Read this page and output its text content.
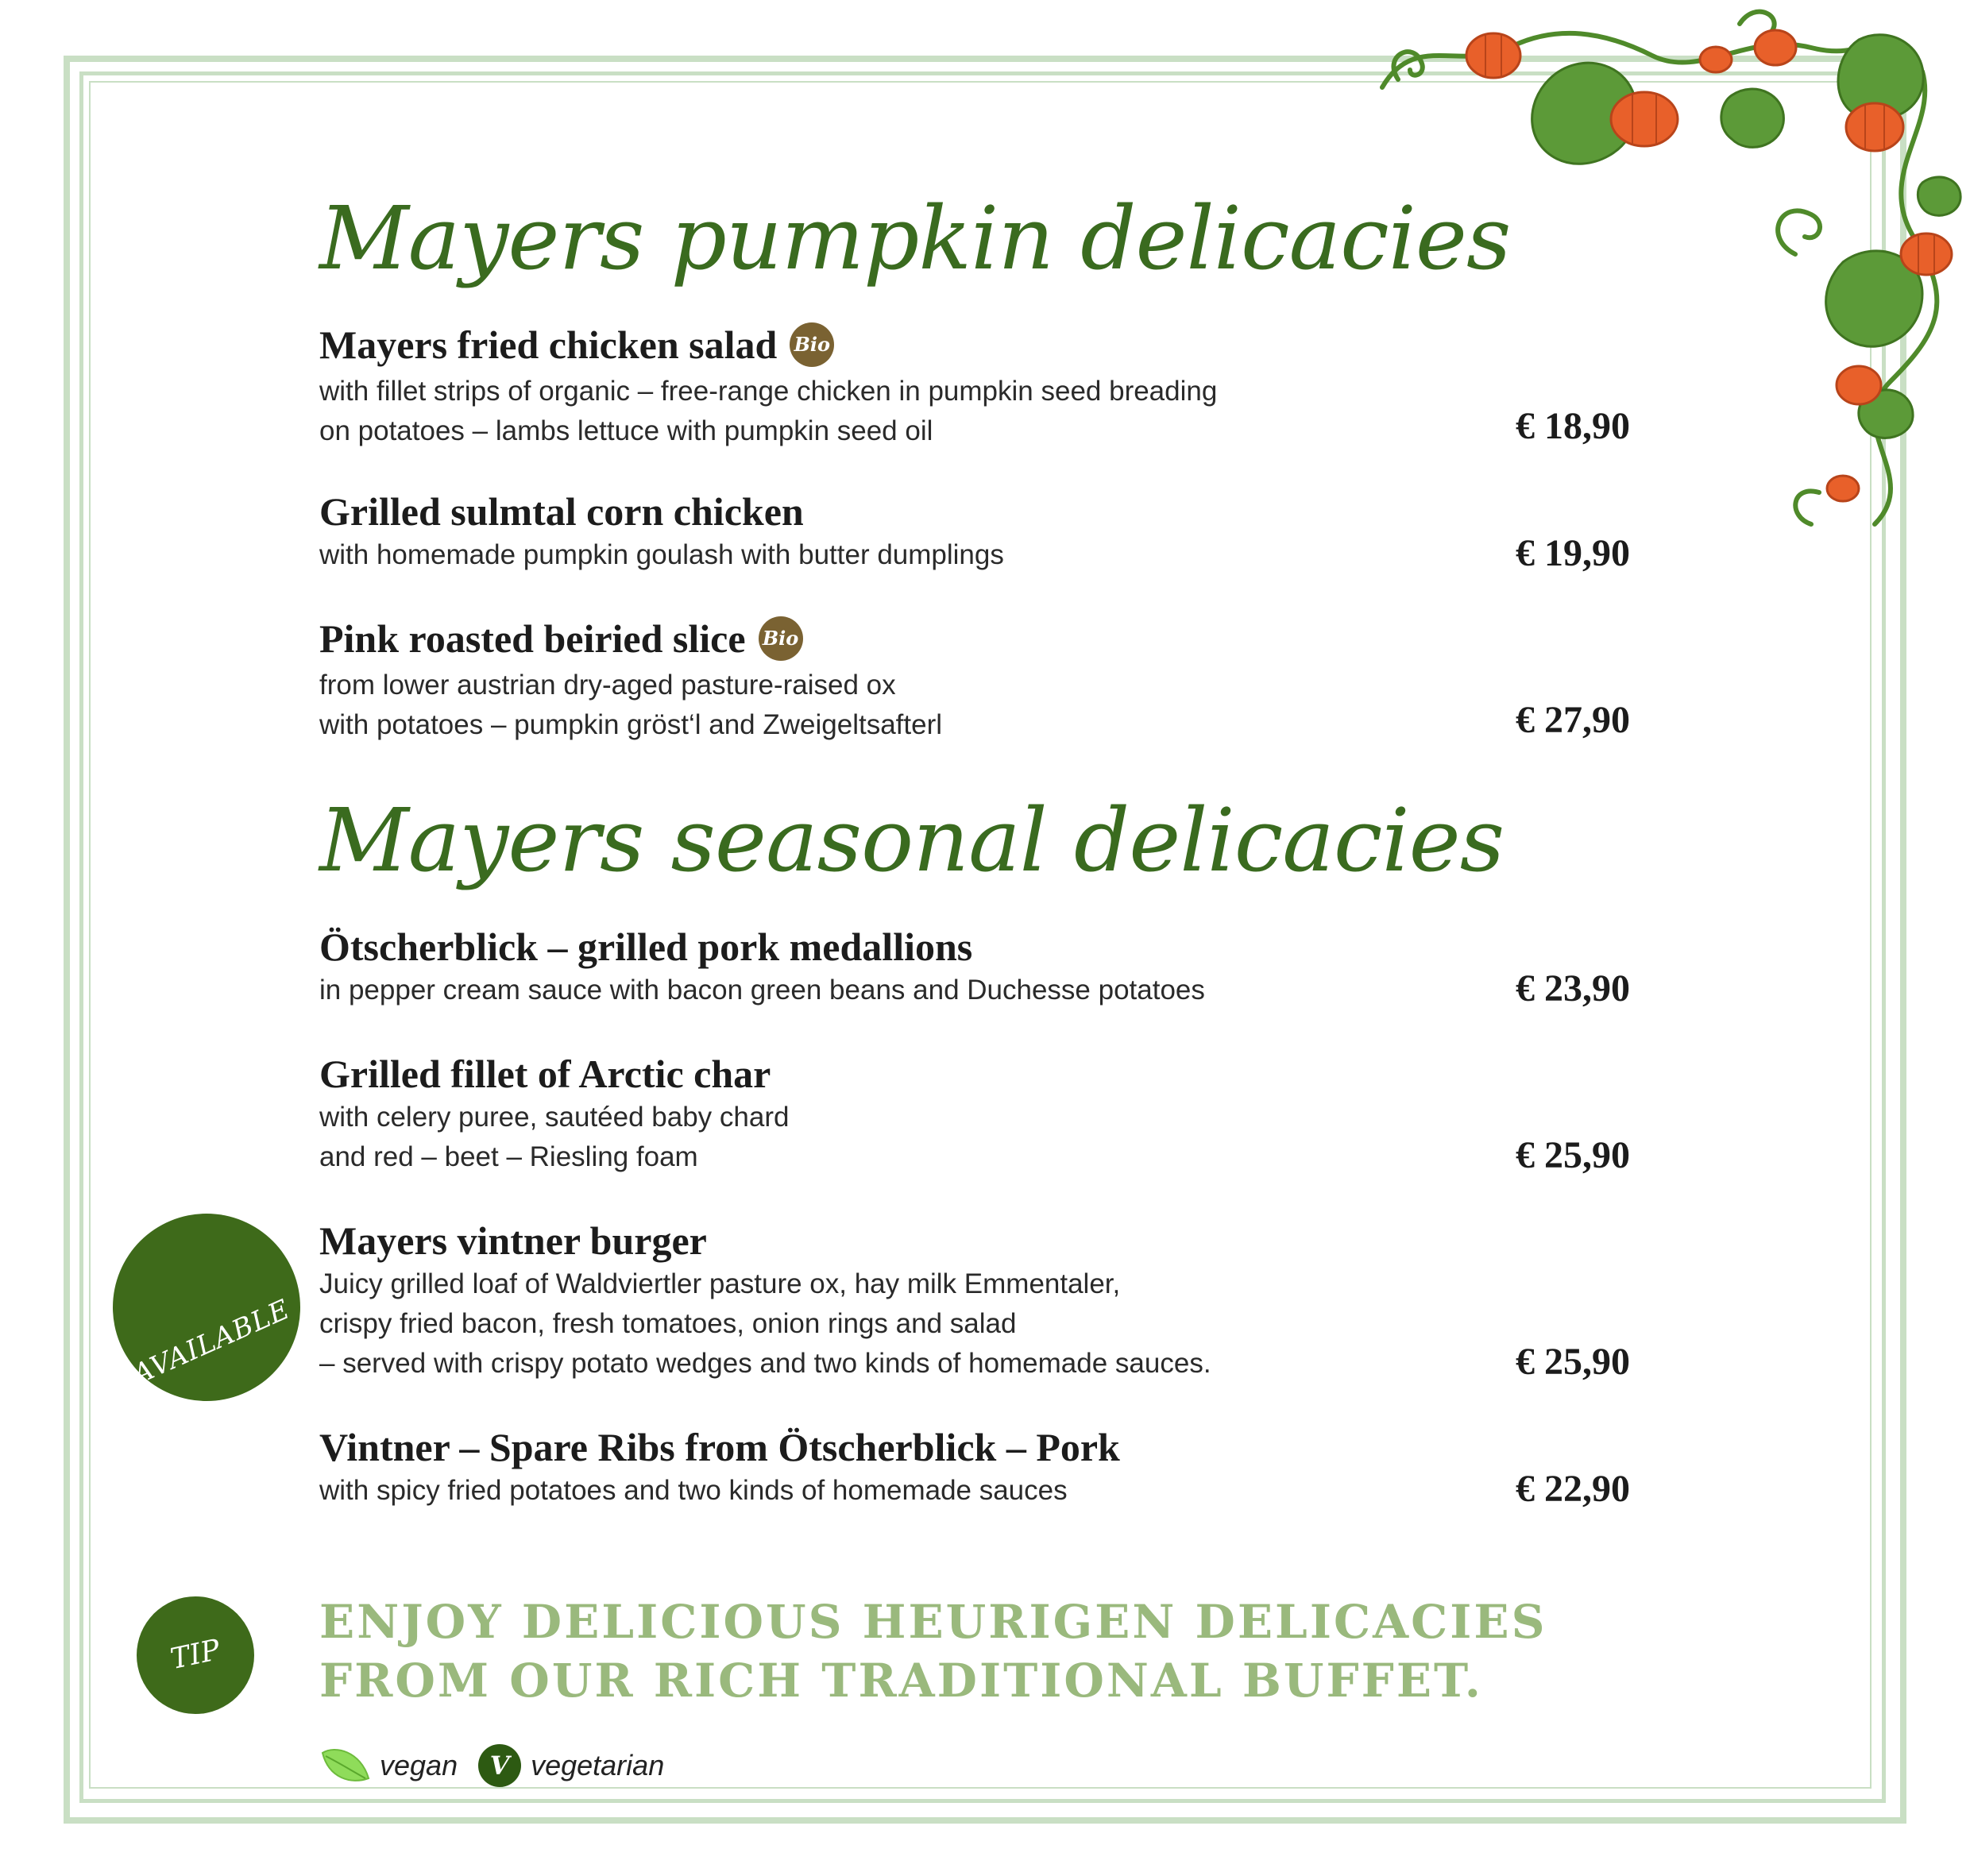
Mayers pumpkin delicacies
Mayers fried chicken salad Bio
with fillet strips of organic – free-range chicken in pumpkin seed breading
on potatoes – lambs lettuce with pumpkin seed oil	€ 18,90
Grilled sulmtal corn chicken
with homemade pumpkin goulash with butter dumplings	€ 19,90
Pink roasted beiried slice Bio
from lower austrian dry-aged pasture-raised ox
with potatoes – pumpkin gröst‘l and Zweigeltsafterl	€ 27,90
Mayers seasonal delicacies
Ötscherblick – grilled pork medallions
in pepper cream sauce with bacon green beans and Duchesse potatoes	€ 23,90
Grilled fillet of Arctic char
with celery puree, sautéed baby chard
and red – beet – Riesling foam	€ 25,90
Mayers vintner burger
Juicy grilled loaf of Waldviertler pasture ox, hay milk Emmentaler,
crispy fried bacon, fresh tomatoes, onion rings and salad
– served with crispy potato wedges and two kinds of homemade sauces.	€ 25,90
Vintner – Spare Ribs from Ötscherblick – Pork
with spicy fried potatoes and two kinds of homemade sauces	€ 22,90
AVAILABLE

AGAIN
TIP
ENJOY DELICIOUS HEURIGEN DELICACIES
FROM OUR RICH TRADITIONAL BUFFET.
vegan	V vegetarian
